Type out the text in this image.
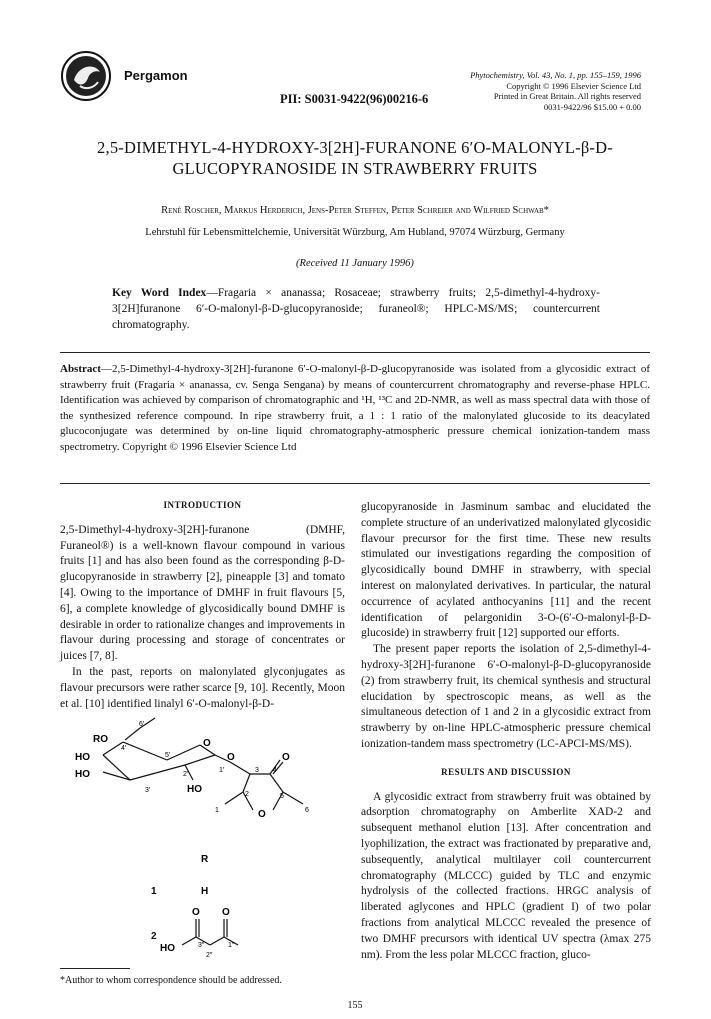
Pergamon
PII: S0031-9422(96)00216-6
Phytochemistry, Vol. 43, No. 1, pp. 155–159, 1996
Copyright © 1996 Elsevier Science Ltd
Printed in Great Britain. All rights reserved
0031-9422/96 $15.00 + 0.00
2,5-DIMETHYL-4-HYDROXY-3[2H]-FURANONE 6′O-MALONYL-β-D-GLUCOPYRANOSIDE IN STRAWBERRY FRUITS
René Roscher, Markus Herderich, Jens-Peter Steffen, Peter Schreier and Wilfried Schwab*
Lehrstuhl für Lebensmittelchemie, Universität Würzburg, Am Hubland, 97074 Würzburg, Germany
(Received 11 January 1996)
Key Word Index—Fragaria × ananassa; Rosaceae; strawberry fruits; 2,5-dimethyl-4-hydroxy-3[2H]furanone 6′-O-malonyl-β-D-glucopyranoside; furaneol®; HPLC-MS/MS; countercurrent chromatography.
Abstract—2,5-Dimethyl-4-hydroxy-3[2H]-furanone 6′-O-malonyl-β-D-glucopyranoside was isolated from a glycosidic extract of strawberry fruit (Fragaria × ananassa, cv. Senga Sengana) by means of countercurrent chromatography and reverse-phase HPLC. Identification was achieved by comparison of chromatographic and ¹H, ¹³C and 2D-NMR, as well as mass spectral data with those of the synthesized reference compound. In ripe strawberry fruit, a 1 : 1 ratio of the malonylated glucoside to its deacylated glucoconjugate was determined by on-line liquid chromatography-atmospheric pressure chemical ionization-tandem mass spectrometry. Copyright © 1996 Elsevier Science Ltd
INTRODUCTION
2,5-Dimethyl-4-hydroxy-3[2H]-furanone (DMHF, Furaneol®) is a well-known flavour compound in various fruits [1] and has also been found as the corresponding β-D-glucopyranoside in strawberry [2], pineapple [3] and tomato [4]. Owing to the importance of DMHF in fruit flavours [5, 6], a complete knowledge of glycosidically bound DMHF is desirable in order to rationalize changes and improvements in flavour during processing and storage of concentrates or juices [7, 8].
In the past, reports on malonylated glyconjugates as flavour precursors were rather scarce [9, 10]. Recently, Moon et al. [10] identified linalyl 6′-O-malonyl-β-D-
RO
6′
O
HO
4′
5′	O	O
HO	2′
1′	3 4
3′	HO	2
1	O
5
6
R
1	H
O O
HO	3″	1″
2″
2
*Author to whom correspondence should be addressed.
glucopyranoside in Jasminum sambac and elucidated the complete structure of an underivatized malonylated glycosidic flavour precursor for the first time. These new results stimulated our investigations regarding the composition of glycosidically bound DMHF in strawberry, with special interest on malonylated derivatives. In particular, the natural occurrence of acylated anthocyanins [11] and the recent identification of pelargonidin 3-O-(6′-O-malonyl-β-D-glucoside) in strawberry fruit [12] supported our efforts.
The present paper reports the isolation of 2,5-dimethyl-4-hydroxy-3[2H]-furanone 6′-O-malonyl-β-D-glucopyranoside (2) from strawberry fruit, its chemical synthesis and structural elucidation by spectroscopic means, as well as the simultaneous detection of 1 and 2 in a glycosidic extract from strawberry by on-line HPLC-atmospheric pressure chemical ionization-tandem mass spectrometry (LC-APCI-MS/MS).
RESULTS AND DISCUSSION
A glycosidic extract from strawberry fruit was obtained by adsorption chromatography on Amberlite XAD-2 and subsequent methanol elution [13]. After concentration and lyophilization, the extract was fractionated by preparative and, subsequently, analytical multilayer coil countercurrent chromatography (MLCCC) guided by TLC and enzymic hydrolysis of the collected fractions. HRGC analysis of liberated aglycones and HPLC (gradient I) of two polar fractions from analytical MLCCC revealed the presence of two DMHF precursors with identical UV spectra (λmax 275 nm). From the less polar MLCCC fraction, gluco-
155
